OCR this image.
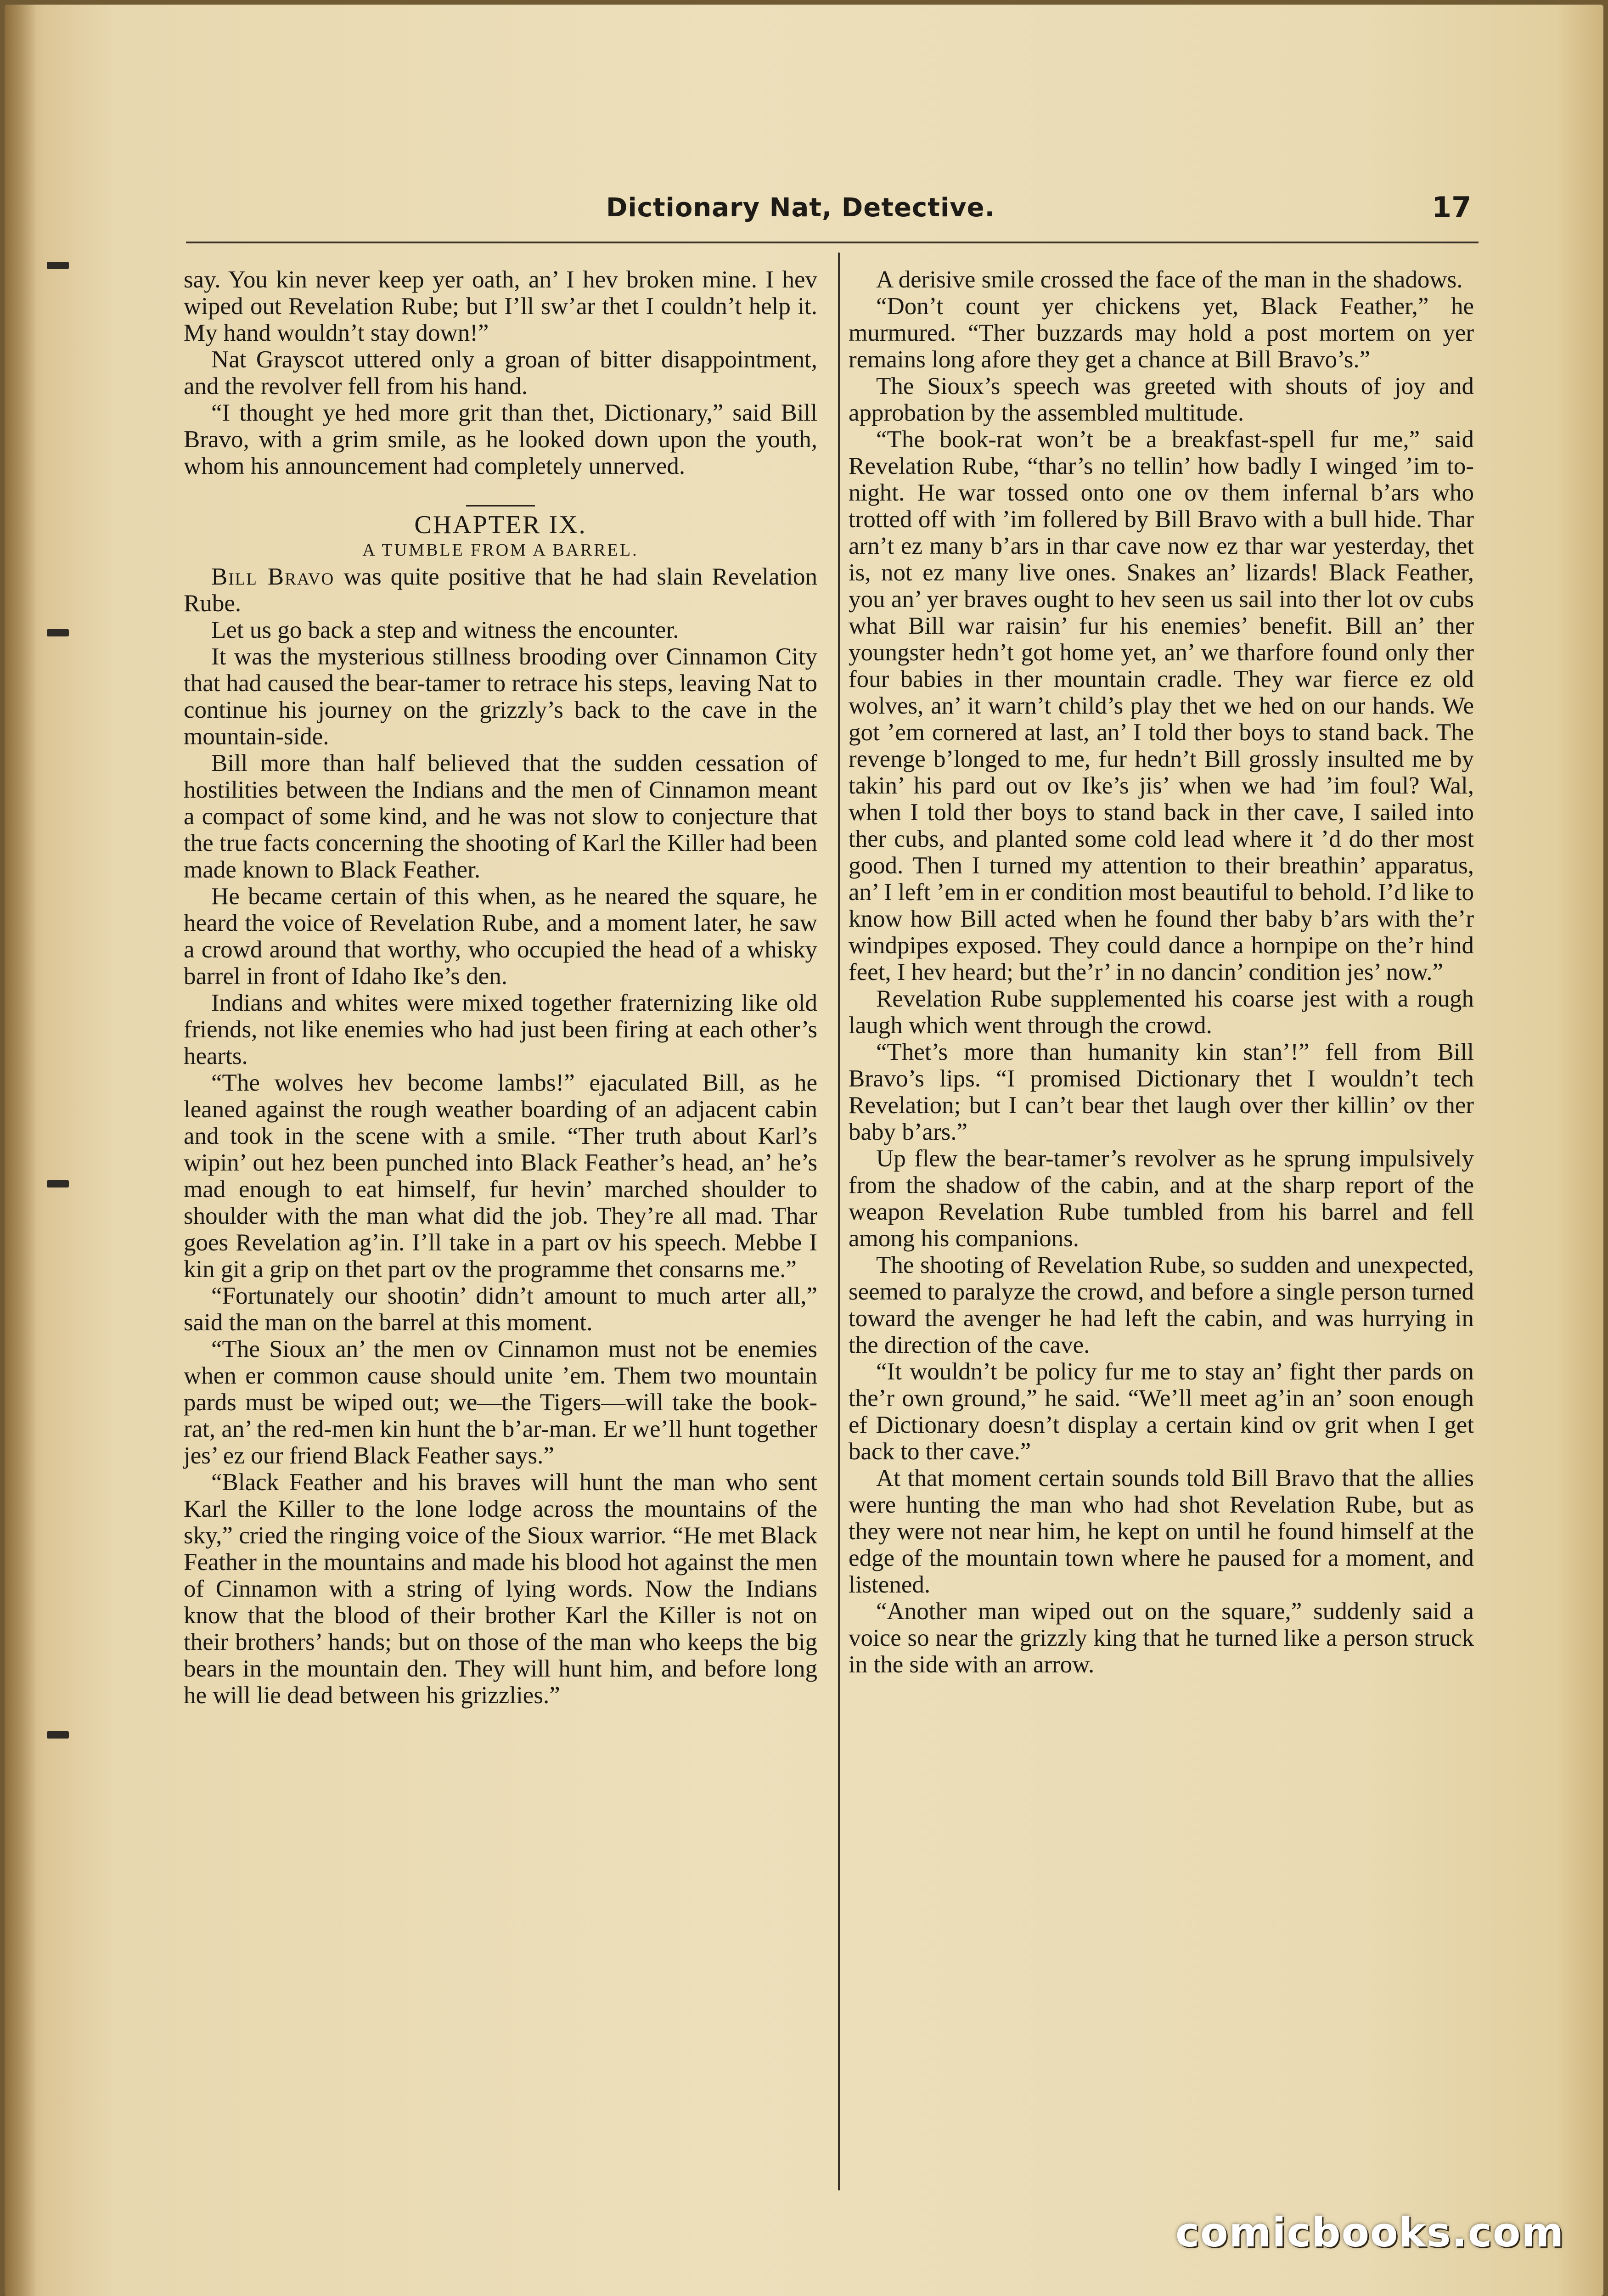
Dictionary Nat, Detective.	17

say. You kin never keep yer oath, an’ I hev broken mine. I hev wiped out Revelation Rube; but I’ll sw’ar thet I couldn’t help it. My hand wouldn’t stay down!”

Nat Grayscot uttered only a groan of bitter disappointment, and the revolver fell from his hand.

“I thought ye hed more grit than thet, Dictionary,” said Bill Bravo, with a grim smile, as he looked down upon the youth, whom his announcement had completely unnerved.

CHAPTER IX.
A TUMBLE FROM A BARREL.

Bill Bravo was quite positive that he had slain Revelation Rube.

Let us go back a step and witness the encounter.

It was the mysterious stillness brooding over Cinnamon City that had caused the bear-tamer to retrace his steps, leaving Nat to continue his journey on the grizzly’s back to the cave in the mountain-side.

Bill more than half believed that the sudden cessation of hostilities between the Indians and the men of Cinnamon meant a compact of some kind, and he was not slow to conjecture that the true facts concerning the shooting of Karl the Killer had been made known to Black Feather.

He became certain of this when, as he neared the square, he heard the voice of Revelation Rube, and a moment later, he saw a crowd around that worthy, who occupied the head of a whisky barrel in front of Idaho Ike’s den.

Indians and whites were mixed together fraternizing like old friends, not like enemies who had just been firing at each other’s hearts.

“The wolves hev become lambs!” ejaculated Bill, as he leaned against the rough weather boarding of an adjacent cabin and took in the scene with a smile. “Ther truth about Karl’s wipin’ out hez been punched into Black Feather’s head, an’ he’s mad enough to eat himself, fur hevin’ marched shoulder to shoulder with the man what did the job. They’re all mad. Thar goes Revelation ag’in. I’ll take in a part ov his speech. Mebbe I kin git a grip on thet part ov the programme thet consarns me.”

“Fortunately our shootin’ didn’t amount to much arter all,” said the man on the barrel at this moment.

“The Sioux an’ the men ov Cinnamon must not be enemies when er common cause should unite ’em. Them two mountain pards must be wiped out; we—the Tigers—will take the book-rat, an’ the red-men kin hunt the b’ar-man. Er we’ll hunt together jes’ ez our friend Black Feather says.”

“Black Feather and his braves will hunt the man who sent Karl the Killer to the lone lodge across the mountains of the sky,” cried the ringing voice of the Sioux warrior. “He met Black Feather in the mountains and made his blood hot against the men of Cinnamon with a string of lying words. Now the Indians know that the blood of their brother Karl the Killer is not on their brothers’ hands; but on those of the man who keeps the big bears in the mountain den. They will hunt him, and before long he will lie dead between his grizzlies.”

A derisive smile crossed the face of the man in the shadows.

“Don’t count yer chickens yet, Black Feather,” he murmured. “Ther buzzards may hold a post mortem on yer remains long afore they get a chance at Bill Bravo’s.”

The Sioux’s speech was greeted with shouts of joy and approbation by the assembled multitude.

“The book-rat won’t be a breakfast-spell fur me,” said Revelation Rube, “thar’s no tellin’ how badly I winged ’im to-night. He war tossed onto one ov them infernal b’ars who trotted off with ’im follered by Bill Bravo with a bull hide. Thar arn’t ez many b’ars in thar cave now ez thar war yesterday, thet is, not ez many live ones. Snakes an’ lizards! Black Feather, you an’ yer braves ought to hev seen us sail into ther lot ov cubs what Bill war raisin’ fur his enemies’ benefit. Bill an’ ther youngster hedn’t got home yet, an’ we tharfore found only ther four babies in ther mountain cradle. They war fierce ez old wolves, an’ it warn’t child’s play thet we hed on our hands. We got ’em cornered at last, an’ I told ther boys to stand back. The revenge b’longed to me, fur hedn’t Bill grossly insulted me by takin’ his pard out ov Ike’s jis’ when we had ’im foul? Wal, when I told ther boys to stand back in ther cave, I sailed into ther cubs, and planted some cold lead where it ’d do ther most good. Then I turned my attention to their breathin’ apparatus, an’ I left ’em in er condition most beautiful to behold. I’d like to know how Bill acted when he found ther baby b’ars with the’r windpipes exposed. They could dance a hornpipe on the’r hind feet, I hev heard; but the’r’ in no dancin’ condition jes’ now.”

Revelation Rube supplemented his coarse jest with a rough laugh which went through the crowd.

“Thet’s more than humanity kin stan’!” fell from Bill Bravo’s lips. “I promised Dictionary thet I wouldn’t tech Revelation; but I can’t bear thet laugh over ther killin’ ov ther baby b’ars.”

Up flew the bear-tamer’s revolver as he sprung impulsively from the shadow of the cabin, and at the sharp report of the weapon Revelation Rube tumbled from his barrel and fell among his companions.

The shooting of Revelation Rube, so sudden and unexpected, seemed to paralyze the crowd, and before a single person turned toward the avenger he had left the cabin, and was hurrying in the direction of the cave.

“It wouldn’t be policy fur me to stay an’ fight ther pards on the’r own ground,” he said. “We’ll meet ag’in an’ soon enough ef Dictionary doesn’t display a certain kind ov grit when I get back to ther cave.”

At that moment certain sounds told Bill Bravo that the allies were hunting the man who had shot Revelation Rube, but as they were not near him, he kept on until he found himself at the edge of the mountain town where he paused for a moment, and listened.

“Another man wiped out on the square,” suddenly said a voice so near the grizzly king that he turned like a person struck in the side with an arrow.

comicbooks.com
